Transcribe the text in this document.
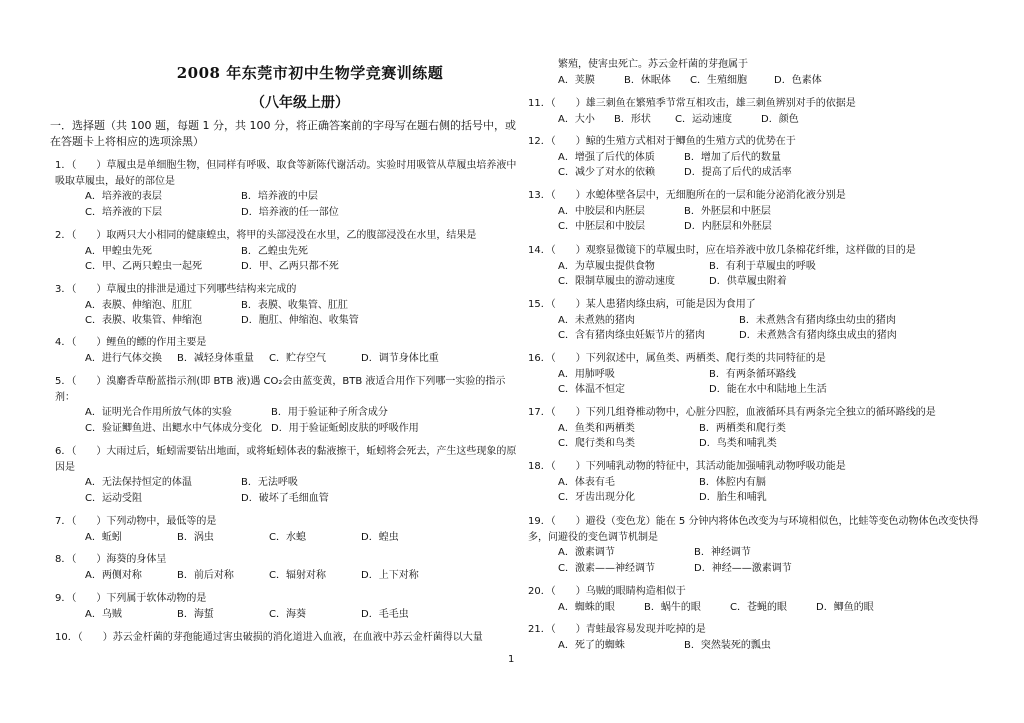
2008 年东莞市初中生物学竞赛训练题
（八年级上册）
一．选择题（共 100 题，每题 1 分，共 100 分，将正确答案前的字母写在题右侧的括号中，或在答题卡上将相应的选项涂黑）
1．（　　）草履虫是单细胞生物，但同样有呼吸、取食等新陈代谢活动。实验时用吸管从草履虫培养液中吸取草履虫，最好的部位是
A．培养液的表层	B．培养液的中层
C．培养液的下层	D．培养液的任一部位
2．（　　）取两只大小相同的健康蝗虫，将甲的头部浸没在水里，乙的腹部浸没在水里，结果是
A．甲蝗虫先死	B．乙蝗虫先死
C．甲、乙两只蝗虫一起死	D．甲、乙两只都不死
3．（　　）草履虫的排泄是通过下列哪些结构来完成的
A．表膜、伸缩泡、肛肛	B．表膜、收集管、肛肛
C．表膜、收集管、伸缩泡	D．胞肛、伸缩泡、收集管
4．（　　）鲤鱼的鳔的作用主要是
A．进行气体交换	B．减轻身体重量	C．贮存空气	D．调节身体比重
5．（　　）溴麝香草酚蓝指示剂(即 BTB 液)遇 CO₂会由蓝变黄，BTB 液适合用作下列哪一实验的指示剂：
A．证明光合作用所放气体的实验	B．用于验证种子所含成分
C．验证鲫鱼进、出鳃水中气体成分变化 D．用于验证蚯蚓皮肤的呼吸作用
6．（　　）大雨过后，蚯蚓需要钻出地面，或将蚯蚓体表的黏液擦干，蚯蚓将会死去，产生这些现象的原因是
A．无法保持恒定的体温	B．无法呼吸
C．运动受阻	D．破坏了毛细血管
7．（　　）下列动物中，最低等的是
A．蚯蚓	B．涡虫	C．水螅	D．蝗虫
8．（　　）海葵的身体呈
A．两侧对称	B．前后对称	C．辐射对称	D．上下对称
9．（　　）下列属于软体动物的是
A．乌贼	B．海蜇	C．海葵	D．毛毛虫
10．（　　）苏云金杆菌的芽孢能通过害虫破损的消化道进入血液，在血液中苏云金杆菌得以大量
繁殖，使害虫死亡。苏云金杆菌的芽孢属于
A．荚膜	B．休眠体	C．生殖细胞	D．色素体
11．（　　）雄三刺鱼在繁殖季节常互相攻击，雄三刺鱼辨别对手的依据是
A．大小	B．形状	C．运动速度	D．颜色
12．（　　）鲸的生殖方式相对于鲫鱼的生殖方式的优势在于
A．增强了后代的体质	B．增加了后代的数量
C．减少了对水的依赖	D．提高了后代的成活率
13．（　　）水螅体壁各层中，无细胞所在的一层和能分泌消化液分别是
A．中胶层和内胚层	B．外胚层和中胚层
C．中胚层和中胶层	D．内胚层和外胚层
14．（　　）观察显微镜下的草履虫时，应在培养液中放几条棉花纤维，这样做的目的是
A．为草履虫提供食物	B．有利于草履虫的呼吸
C．限制草履虫的游动速度	D．供草履虫附着
15．（　　）某人患猪肉绦虫病，可能是因为食用了
A．未煮熟的猪肉	B．未煮熟含有猪肉绦虫幼虫的猪肉
C．含有猪肉绦虫妊娠节片的猪肉	D．未煮熟含有猪肉绦虫成虫的猪肉
16．（　　）下列叙述中，属鱼类、两栖类、爬行类的共同特征的是
A．用肺呼吸	B．有两条循环路线
C．体温不恒定	D．能在水中和陆地上生活
17．（　　）下列几组脊椎动物中，心脏分四腔，血液循环具有两条完全独立的循环路线的是
A．鱼类和两栖类	B．两栖类和爬行类
C．爬行类和鸟类	D．鸟类和哺乳类
18．（　　）下列哺乳动物的特征中，其活动能加强哺乳动物呼吸功能是
A．体表有毛	B．体腔内有膈
C．牙齿出现分化	D．胎生和哺乳
19．（　　）避役（变色龙）能在 5 分钟内将体色改变为与环境相似色，比蛙等变色动物体色改变快得多，问避役的变色调节机制是
A．激素调节	B．神经调节
C．激素——神经调节	D．神经——激素调节
20．（　　）乌贼的眼睛构造相似于
A．蜘蛛的眼	B．蜗牛的眼	C．苍蝇的眼	D．鲫鱼的眼
21．（　　）青蛙最容易发现并吃掉的是
A．死了的蜘蛛	B．突然装死的瓢虫
1
